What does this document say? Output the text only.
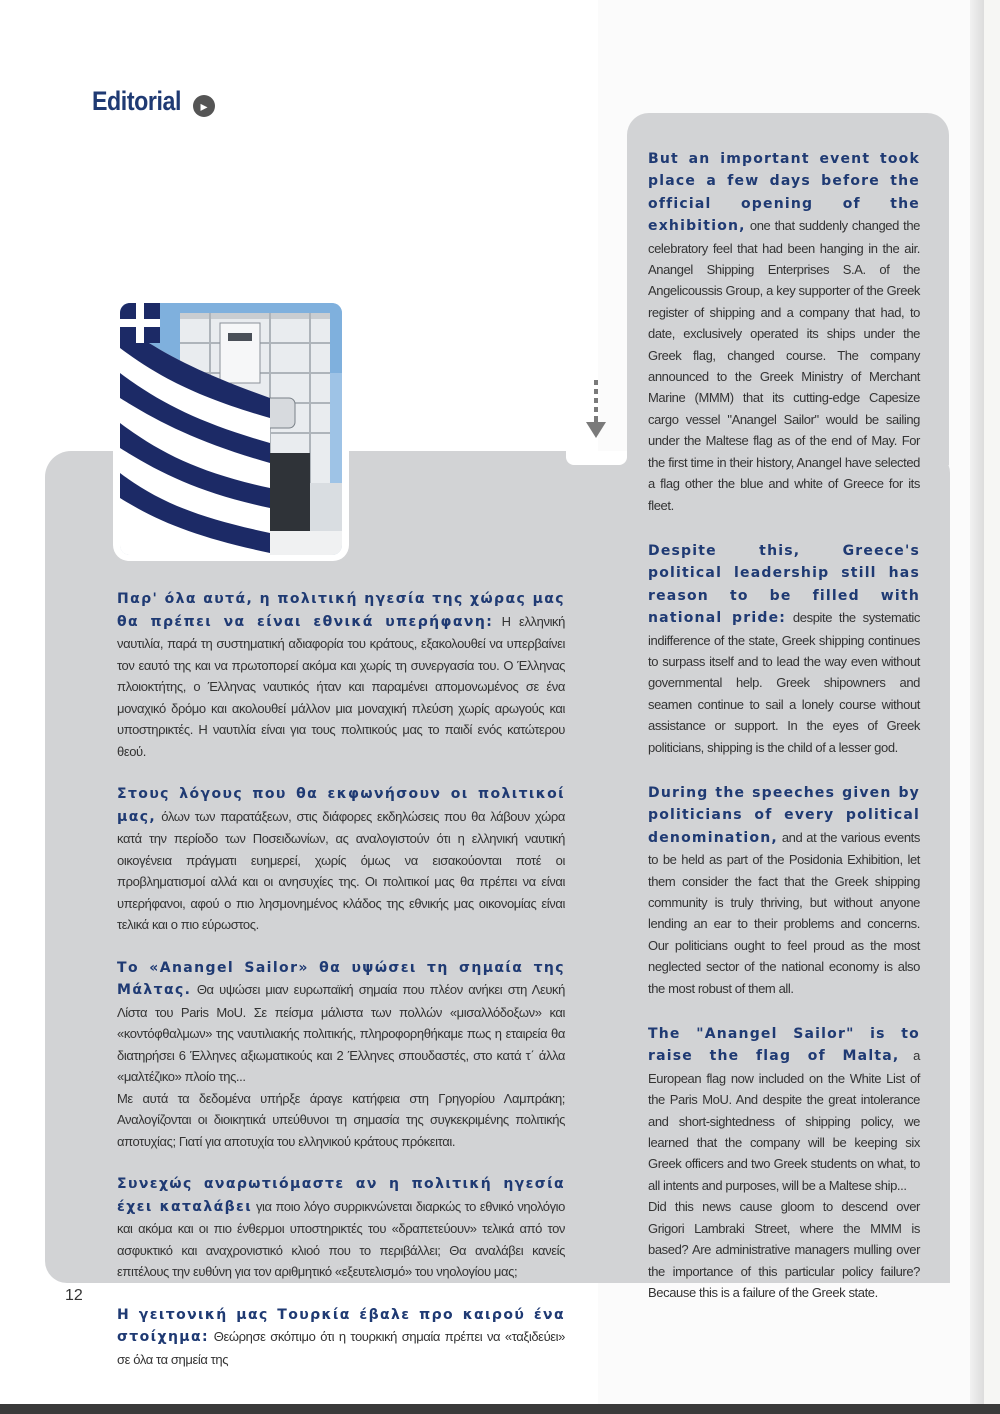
Editorial	▸
Παρ' όλα αυτά, η πολιτική ηγεσία της χώρας μας θα πρέπει να είναι εθνικά υπερήφανη: Η ελληνική ναυτιλία, παρά τη συστηματική αδιαφορία του κράτους, εξακολουθεί να υπερβαίνει τον εαυτό της και να πρωτοπορεί ακόμα και χωρίς τη συνεργασία του. Ο Έλληνας πλοιοκτήτης, ο Έλληνας ναυτικός ήταν και παραμένει απομονωμένος σε ένα μοναχικό δρόμο και ακολουθεί μάλλον μια μοναχική πλεύση χωρίς αρωγούς και υποστηρικτές. Η ναυτιλία είναι για τους πολιτικούς μας το παιδί ενός κατώτερου θεού.
Στους λόγους που θα εκφωνήσουν οι πολιτικοί μας, όλων των παρατάξεων, στις διάφορες εκδηλώσεις που θα λάβουν χώρα κατά την περίοδο των Ποσειδωνίων, ας αναλογιστούν ότι η ελληνική ναυτική οικογένεια πράγματι ευημερεί, χωρίς όμως να εισακούονται ποτέ οι προβληματισμοί αλλά και οι ανησυχίες της. Οι πολιτικοί μας θα πρέπει να είναι υπερήφανοι, αφού ο πιο λησμονημένος κλάδος της εθνικής μας οικονομίας είναι τελικά και ο πιο εύρωστος.

Το «Anangel Sailor» θα υψώσει τη σημαία της Μάλτας. Θα υψώσει μιαν ευρωπαϊκή σημαία που πλέον ανήκει στη Λευκή Λίστα του Paris MoU. Σε πείσμα μάλιστα των πολλών «μισαλλόδοξων» και «κοντόφθαλμων» της ναυτιλιακής πολιτικής, πληροφορηθήκαμε πως η εταιρεία θα διατηρήσει 6 Έλληνες αξιωματικούς και 2 Έλληνες σπουδαστές, στο κατά τ΄ άλλα «μαλτέζικο» πλοίο της...

Με αυτά τα δεδομένα υπήρξε άραγε κατήφεια στη Γρηγορίου Λαμπράκη; Αναλογίζονται οι διοικητικά υπεύθυνοι τη σημασία της συγκεκριμένης πολιτικής αποτυχίας; Γιατί για αποτυχία του ελληνικού κράτους πρόκειται.

Συνεχώς αναρωτιόμαστε αν η πολιτική ηγεσία έχει καταλάβει για ποιο λόγο συρρικνώνεται διαρκώς το εθνικό νηολόγιο και ακόμα και οι πιο ένθερμοι υποστηρικτές του «δραπετεύουν» τελικά από τον ασφυκτικό και αναχρονιστικό κλιοό που το περιβάλλει; Θα αναλάβει κανείς επιτέλους την ευθύνη για τον αριθμητικό «εξευτελισμό» του νηολογίου μας;
Η γειτονική μας Τουρκία έβαλε προ καιρού ένα στοίχημα: Θεώρησε σκόπιμο ότι η τουρκική σημαία πρέπει να «ταξιδεύει» σε όλα τα σημεία της
But an important event took place a few days before the official opening of the exhibition, one that suddenly changed the celebratory feel that had been hanging in the air. Anangel Shipping Enterprises S.A. of the Angelicoussis Group, a key supporter of the Greek register of shipping and a company that had, to date, exclusively operated its ships under the Greek flag, changed course. The company announced to the Greek Ministry of Merchant Marine (MMM) that its cutting-edge Capesize cargo vessel "Anangel Sailor" would be sailing under the Maltese flag as of the end of May. For the first time in their history, Anangel have selected a flag other the blue and white of Greece for its fleet.
Despite this, Greece's political leadership still has reason to be filled with national pride: despite the systematic indifference of the state, Greek shipping continues to surpass itself and to lead the way even without governmental help. Greek shipowners and seamen continue to sail a lonely course without assistance or support. In the eyes of Greek politicians, shipping is the child of a lesser god.
During the speeches given by politicians of every political denomination, and at the various events to be held as part of the Posidonia Exhibition, let them consider the fact that the Greek shipping community is truly thriving, but without anyone lending an ear to their problems and concerns. Our politicians ought to feel proud as the most neglected sector of the national economy is also the most robust of them all.

The "Anangel Sailor" is to raise the flag of Malta, a European flag now included on the White List of the Paris MoU. And despite the great intolerance and short-sightedness of shipping policy, we learned that the company will be keeping six Greek officers and two Greek students on what, to all intents and purposes, will be a Maltese ship...

Did this news cause gloom to descend over Grigori Lambraki Street, where the MMM is based? Are administrative managers mulling over the importance of this particular policy failure? Because this is a failure of the Greek state.

12
